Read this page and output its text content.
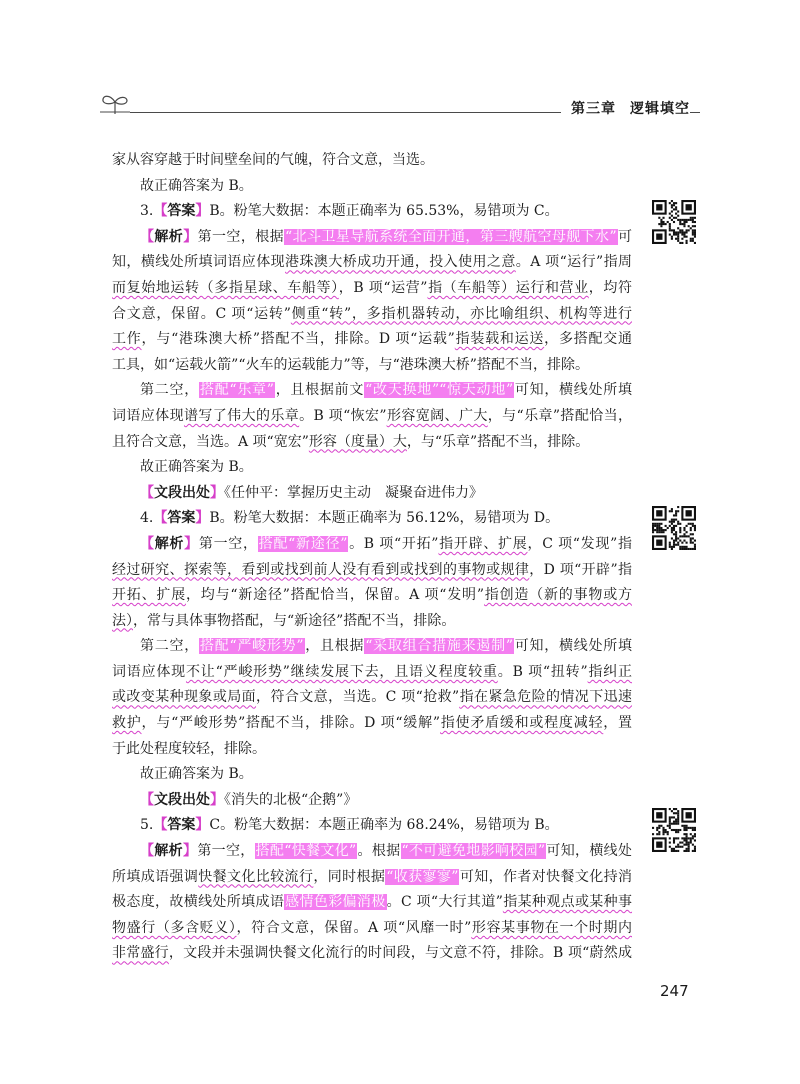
第三章 逻辑填空
家从容穿越于时间壁垒间的气魄，符合文意，当选。
故正确答案为 B。
3.【答案】B。粉笔大数据：本题正确率为 65.53%，易错项为 C。
【解析】第一空，根据“北斗卫星导航系统全面开通，第三艘航空母舰下水”可
知，横线处所填词语应体现港珠澳大桥成功开通，投入使用之意。A 项“运行”指周
而复始地运转（多指星球、车船等），B 项“运营”指（车船等）运行和营业，均符
合文意，保留。C 项“运转”侧重“转”，多指机器转动，亦比喻组织、机构等进行
工作，与“港珠澳大桥”搭配不当，排除。D 项“运载”指装载和运送，多搭配交通
工具，如“运载火箭”“火车的运载能力”等，与“港珠澳大桥”搭配不当，排除。
第二空，搭配“乐章”，且根据前文“改天换地”“惊天动地”可知，横线处所填
词语应体现谱写了伟大的乐章。B 项“恢宏”形容宽阔、广大，与“乐章”搭配恰当，
且符合文意，当选。A 项“宽宏”形容（度量）大，与“乐章”搭配不当，排除。
故正确答案为 B。
【文段出处】《任仲平：掌握历史主动　凝聚奋进伟力》
4.【答案】B。粉笔大数据：本题正确率为 56.12%，易错项为 D。
【解析】第一空，搭配“新途径”。B 项“开拓”指开辟、扩展，C 项“发现”指
经过研究、探索等，看到或找到前人没有看到或找到的事物或规律，D 项“开辟”指
开拓、扩展，均与“新途径”搭配恰当，保留。A 项“发明”指创造（新的事物或方
法），常与具体事物搭配，与“新途径”搭配不当，排除。
第二空，搭配“严峻形势”，且根据“采取组合措施来遏制”可知，横线处所填
词语应体现不让“严峻形势”继续发展下去，且语义程度较重。B 项“扭转”指纠正
或改变某种现象或局面，符合文意，当选。C 项“抢救”指在紧急危险的情况下迅速
救护，与“严峻形势”搭配不当，排除。D 项“缓解”指使矛盾缓和或程度减轻，置
于此处程度较轻，排除。
故正确答案为 B。
【文段出处】《消失的北极“企鹅”》
5.【答案】C。粉笔大数据：本题正确率为 68.24%，易错项为 B。
【解析】第一空，搭配“快餐文化”。根据“不可避免地影响校园”可知，横线处
所填成语强调快餐文化比较流行，同时根据“收获寥寥”可知，作者对快餐文化持消
极态度，故横线处所填成语感情色彩偏消极。C 项“大行其道”指某种观点或某种事
物盛行（多含贬义），符合文意，保留。A 项“风靡一时”形容某事物在一个时期内
非常盛行，文段并未强调快餐文化流行的时间段，与文意不符，排除。B 项“蔚然成
247
